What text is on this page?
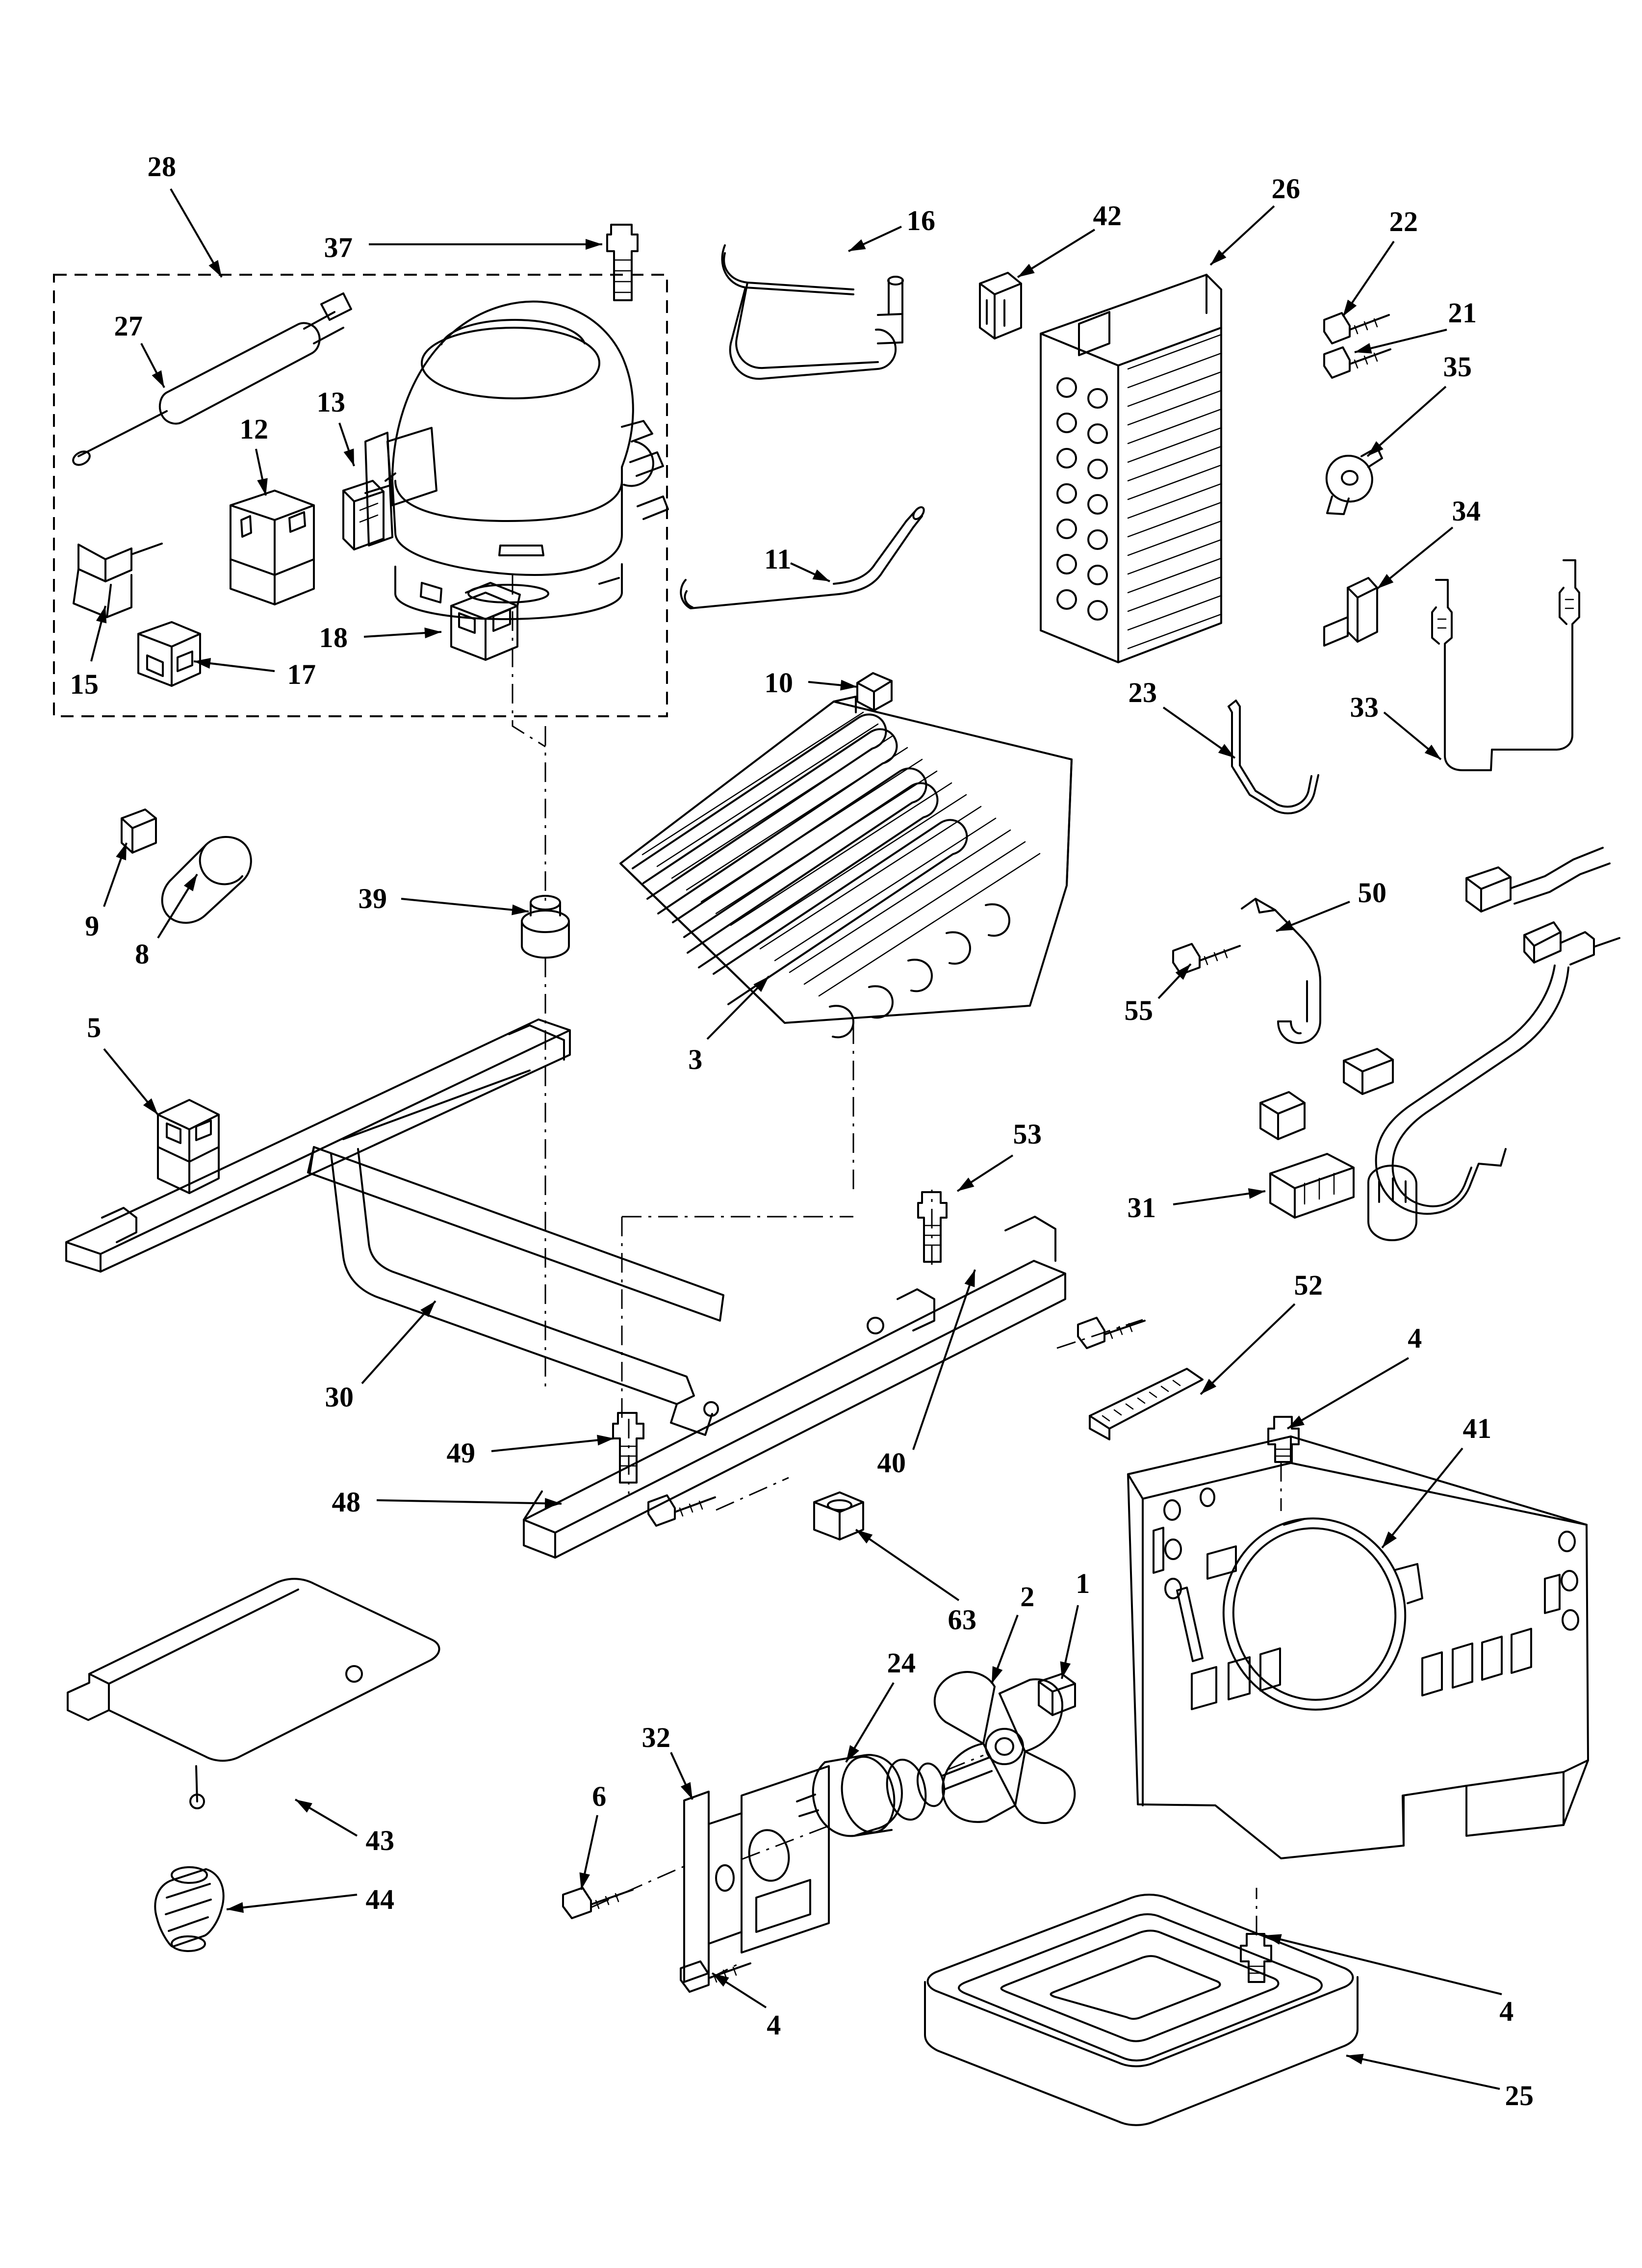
28
37
27
13
12
18
17
15
16	42
26
22
21
35
34
11
10	23	33
9
8
39
3
50
55
5
31
53
30
49	40
48
52
4
41
63
2 1
24
32
6
43
44
4	4
25
